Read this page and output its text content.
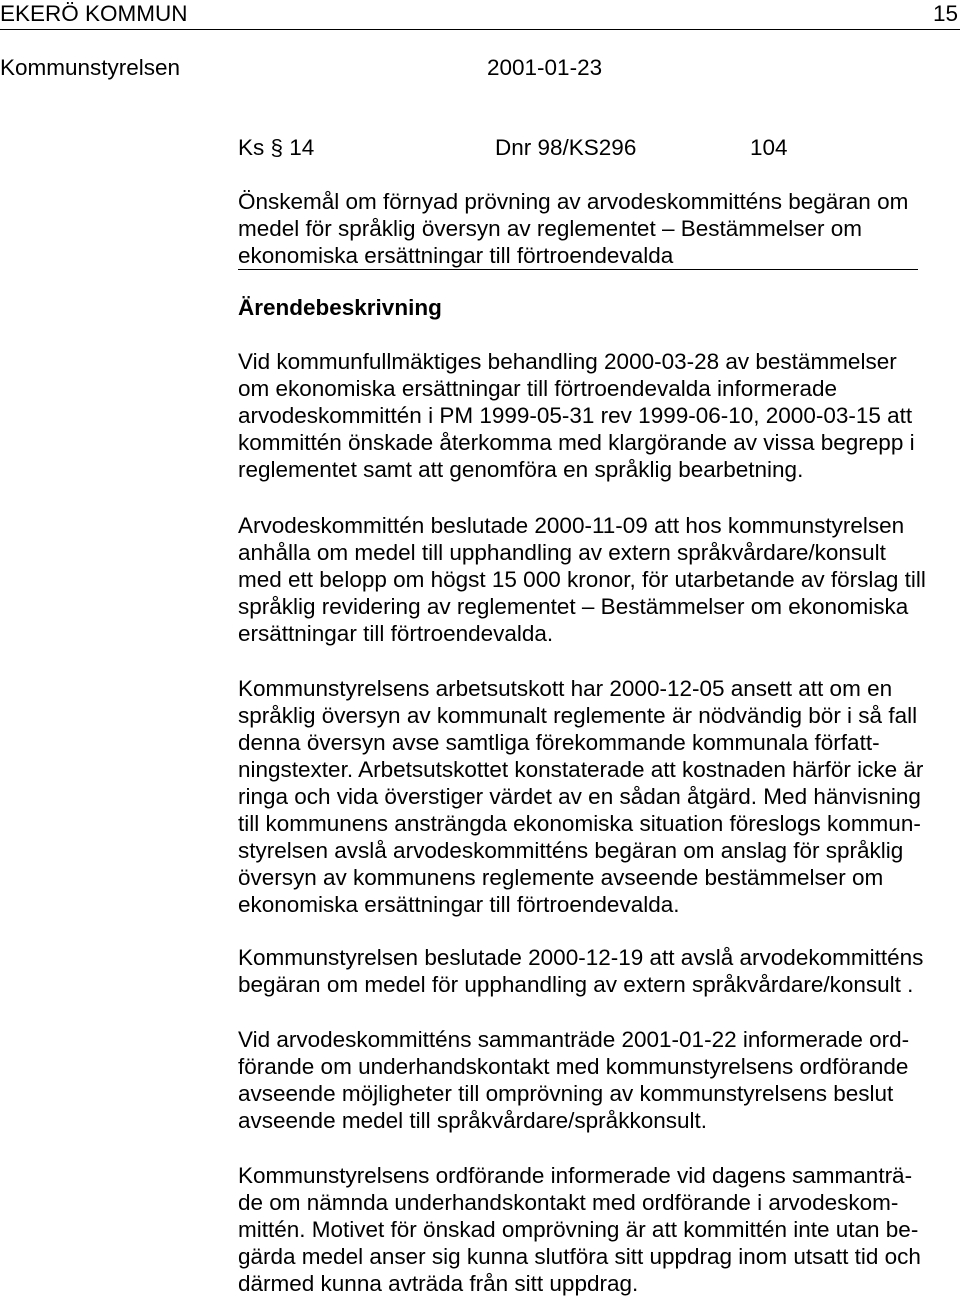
EKERÖ KOMMUN	15
Kommunstyrelsen	2001-01-23
Ks § 14	Dnr 98/KS296	104
Önskemål om förnyad prövning av arvodeskommitténs begäran om
medel för språklig översyn av reglementet – Bestämmelser om
ekonomiska ersättningar till förtroendevalda
Ärendebeskrivning
Vid kommunfullmäktiges behandling 2000-03-28 av bestämmelser
om ekonomiska ersättningar till förtroendevalda informerade
arvodeskommittén i PM 1999-05-31 rev 1999-06-10, 2000-03-15 att
kommittén önskade återkomma med klargörande av vissa begrepp i
reglementet samt att genomföra en språklig bearbetning.
Arvodeskommittén beslutade 2000-11-09 att hos kommunstyrelsen
anhålla om medel till upphandling av extern språkvårdare/konsult
med ett belopp om högst 15 000 kronor, för utarbetande av förslag till
språklig revidering av reglementet – Bestämmelser om ekonomiska
ersättningar till förtroendevalda.
Kommunstyrelsens arbetsutskott har 2000-12-05 ansett att om en
språklig översyn av kommunalt reglemente är nödvändig bör i så fall
denna översyn avse samtliga förekommande kommunala författ-
ningstexter. Arbetsutskottet konstaterade att kostnaden härför icke är
ringa och vida överstiger värdet av en sådan åtgärd. Med hänvisning
till kommunens ansträngda ekonomiska situation föreslogs kommun-
styrelsen avslå arvodeskommitténs begäran om anslag för språklig
översyn av kommunens reglemente avseende bestämmelser om
ekonomiska ersättningar till förtroendevalda.
Kommunstyrelsen beslutade 2000-12-19 att avslå arvodekommitténs
begäran om medel för upphandling av extern språkvårdare/konsult .
Vid arvodeskommitténs sammanträde 2001-01-22 informerade ord-
förande om underhandskontakt med kommunstyrelsens ordförande
avseende möjligheter till omprövning av kommunstyrelsens beslut
avseende medel till språkvårdare/språkkonsult.
Kommunstyrelsens ordförande informerade vid dagens sammanträ-
de om nämnda underhandskontakt med ordförande i arvodeskom-
mittén. Motivet för önskad omprövning är att kommittén inte utan be-
gärda medel anser sig kunna slutföra sitt uppdrag inom utsatt tid och
därmed kunna avträda från sitt uppdrag.
